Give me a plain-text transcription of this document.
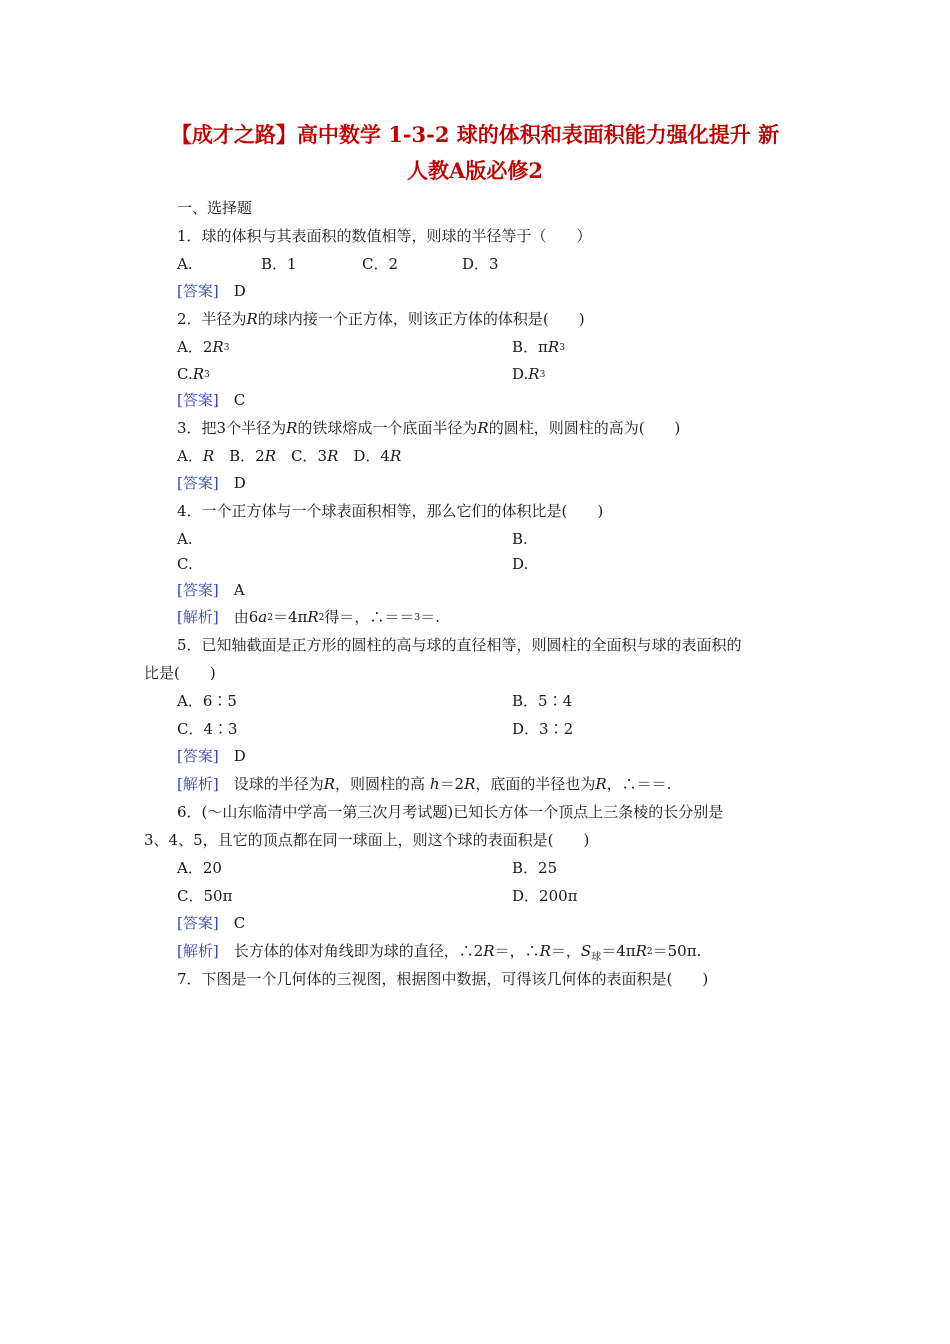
【成才之路】高中数学 1-3-2 球的体积和表面积能力强化提升 新
人教A版必修2
一、选择题
1．球的体积与其表面积的数值相等，则球的半径等于（　　）
A.	B．1	C．2	D．3
[答案]　 D
2．半径为R的球内接一个正方体，则该正方体的体积是(　　)
A．$2R^3$	B．$\pi R^3$
$C.R^3$	$D.R^3$
[答案]　 C
3．把3个半径为R的铁球熔成一个底面半径为R的圆柱，则圆柱的高为(　　)
A．R　 B．2R　 C．3R　 D．4R
[答案]　 D
4．一个正方体与一个球表面积相等，那么它们的体积比是(　　)
A.	B.
C.	D.
[答案]　 A
[解析]　 由$6a^2=4\pi R^2$得＝，∴＝＝$^3$＝.
5．已知轴截面是正方形的圆柱的高与球的直径相等，则圆柱的全面积与球的表面积的
比是(　　)
A．6∶5	B．5∶4
C．4∶3	D．3∶2
[答案]　 D
[解析]　 设球的半径为R，则圆柱的高 h＝2R，底面的半径也为R，∴＝＝.
6．(～山东临清中学高一第三次月考试题)已知长方体一个顶点上三条棱的长分别是
3、4、5，且它的顶点都在同一球面上，则这个球的表面积是(　　)
A．20	B．25
C．50π	D．200π
[答案]　 C
[解析]　 长方体的体对角线即为球的直径，∴2R＝，∴R＝，$S_球=4\pi R^2=50\pi$.
7．下图是一个几何体的三视图，根据图中数据，可得该几何体的表面积是(　　)
